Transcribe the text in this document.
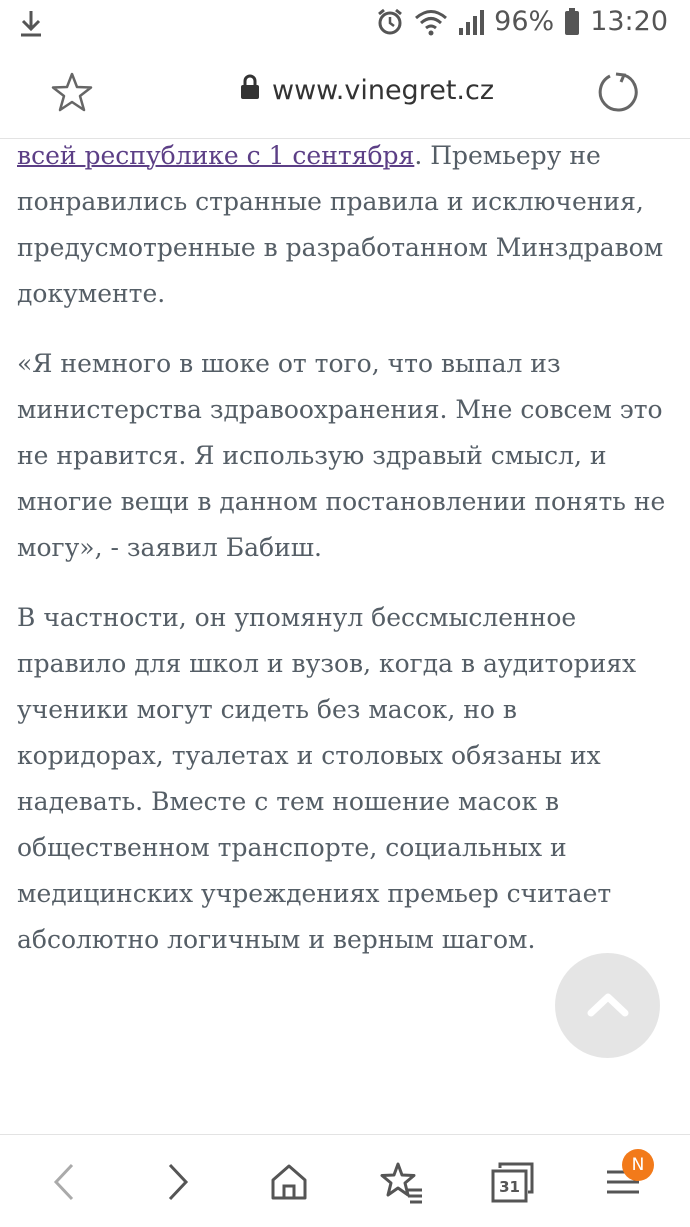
96% 13:20
www.vinegret.cz

всей республике с 1 сентября. Премьеру не понравились странные правила и исключения, предусмотренные в разработанном Минздравом документе.

«Я немного в шоке от того, что выпал из министерства здравоохранения. Мне совсем это не нравится. Я использую здравый смысл, и многие вещи в данном постановлении понять не могу», - заявил Бабиш.

В частности, он упомянул бессмысленное правило для школ и вузов, когда в аудиториях ученики могут сидеть без масок, но в коридорах, туалетах и столовых обязаны их надевать. Вместе с тем ношение масок в общественном транспорте, социальных и медицинских учреждениях премьер считает абсолютно логичным и верным шагом.

31
N
